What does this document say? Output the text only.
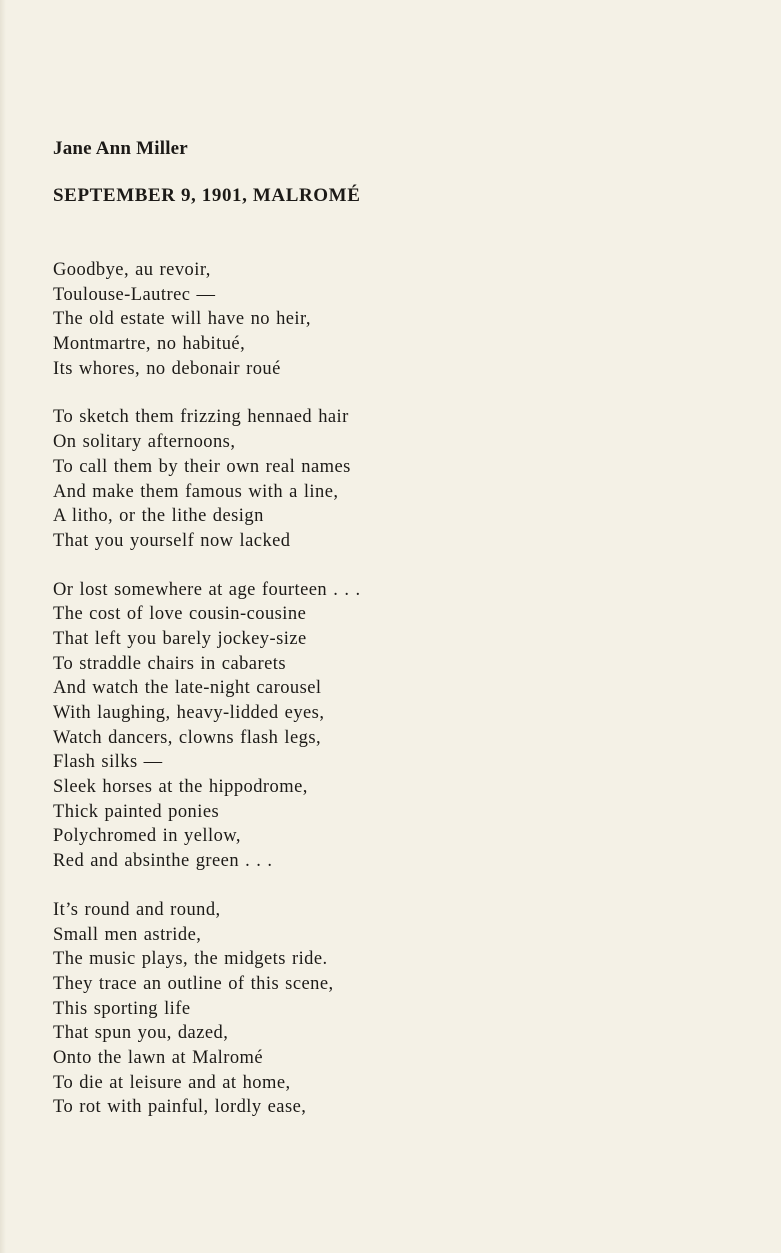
Jane Ann Miller
SEPTEMBER 9, 1901, MALROMÉ
Goodbye, au revoir,
Toulouse-Lautrec —
The old estate will have no heir,
Montmartre, no habitué,
Its whores, no debonair roué
To sketch them frizzing hennaed hair
On solitary afternoons,
To call them by their own real names
And make them famous with a line,
A litho, or the lithe design
That you yourself now lacked
Or lost somewhere at age fourteen . . .
The cost of love cousin-cousine
That left you barely jockey-size
To straddle chairs in cabarets
And watch the late-night carousel
With laughing, heavy-lidded eyes,
Watch dancers, clowns flash legs,
Flash silks —
Sleek horses at the hippodrome,
Thick painted ponies
Polychromed in yellow,
Red and absinthe green . . .
It’s round and round,
Small men astride,
The music plays, the midgets ride.
They trace an outline of this scene,
This sporting life
That spun you, dazed,
Onto the lawn at Malromé
To die at leisure and at home,
To rot with painful, lordly ease,
